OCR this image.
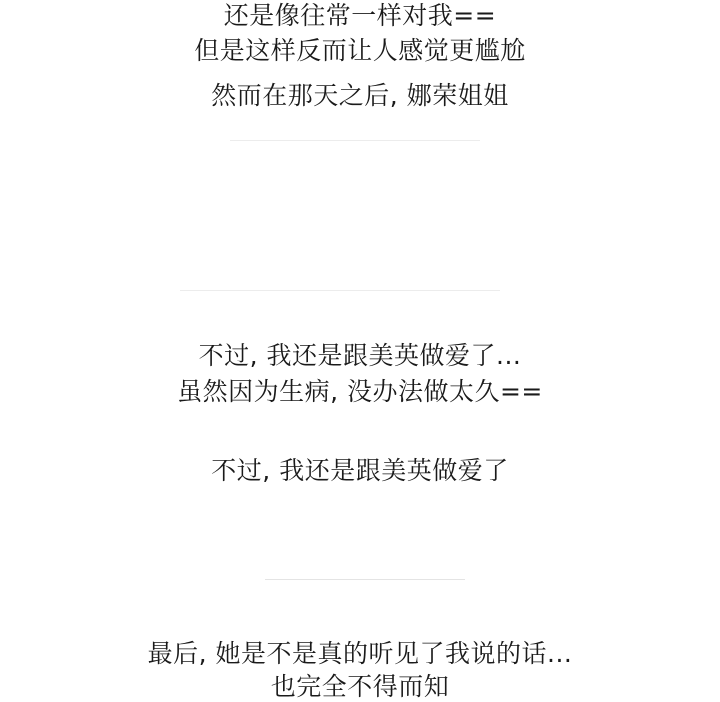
还是像往常一样对我==
但是这样反而让人感觉更尴尬
然而在那天之后, 娜荣姐姐
不过, 我还是跟美英做爱了...
虽然因为生病, 没办法做太久==
不过, 我还是跟美英做爱了
最后, 她是不是真的听见了我说的话...
也完全不得而知
